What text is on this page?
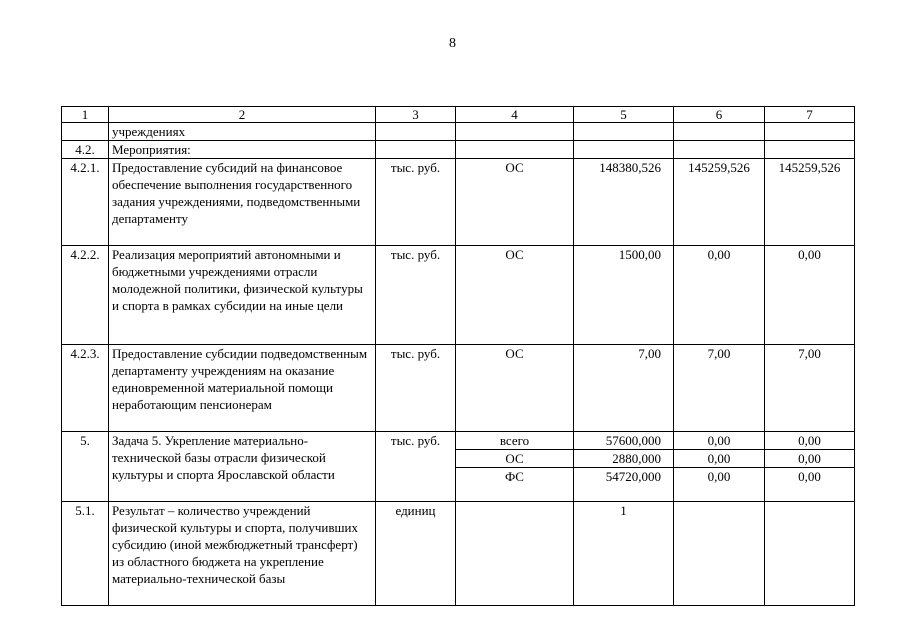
8
1	2	3	4	5	6	7
	учреждениях					
4.2.	Мероприятия:					
4.2.1.	Предоставление субсидий на финансовое обеспечение выполнения государственного задания учреждениями, подведомственными департаменту	тыс. руб.	ОС	148380,526	145259,526	145259,526
4.2.2.	Реализация мероприятий автономными и бюджетными учреждениями отрасли молодежной политики, физической культуры и спорта в рамках субсидии на иные цели	тыс. руб.	ОС	1500,00	0,00	0,00
4.2.3.	Предоставление субсидии подведомственным департаменту учреждениям на оказание единовременной материальной помощи неработающим пенсионерам	тыс. руб.	ОС	7,00	7,00	7,00
5.	Задача 5. Укрепление материально-технической базы отрасли физической культуры и спорта Ярославской области	тыс. руб.	всего	57600,000	0,00	0,00
			ОС	2880,000	0,00	0,00
			ФС	54720,000	0,00	0,00
5.1.	Результат – количество учреждений физической культуры и спорта, получивших субсидию (иной межбюджетный трансферт) из областного бюджета на укрепление материально-технической базы	единиц		1		
